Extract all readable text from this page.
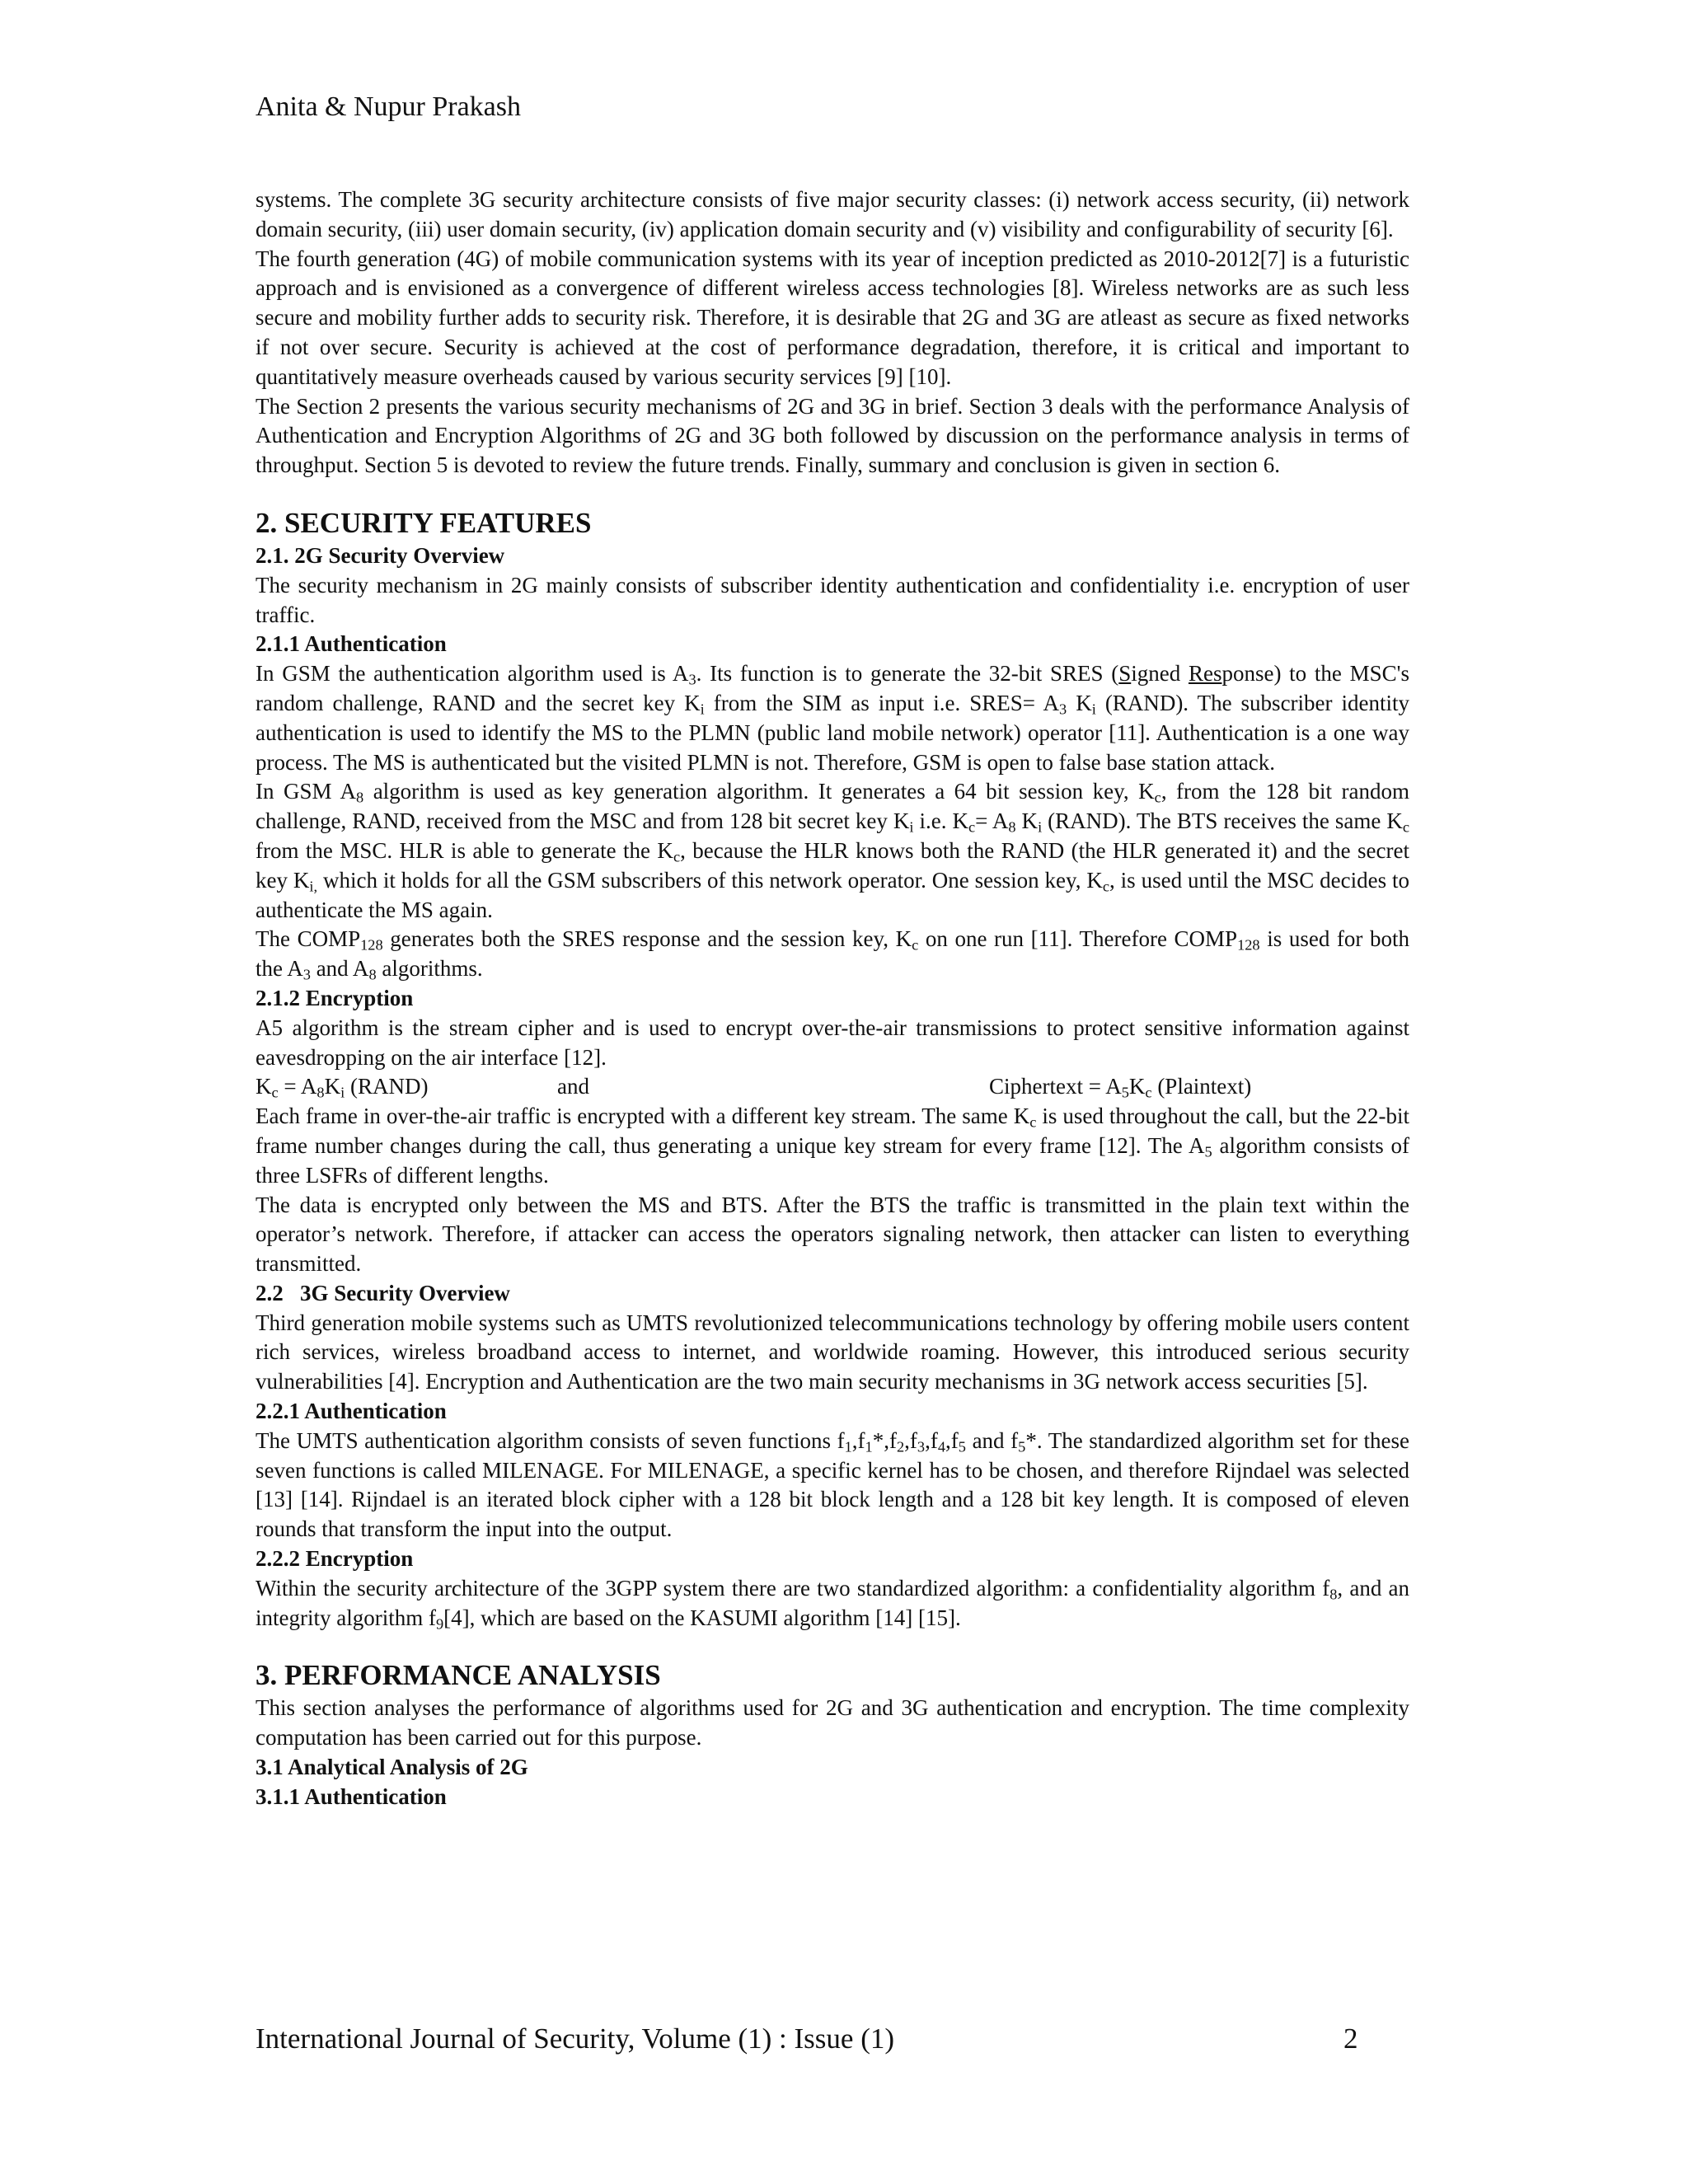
Anita & Nupur Prakash

systems. The complete 3G security architecture consists of five major security classes: (i) network access security, (ii) network domain security, (iii) user domain security, (iv) application domain security and (v) visibility and configurability of security [6].

The fourth generation (4G) of mobile communication systems with its year of inception predicted as 2010-2012[7] is a futuristic approach and is envisioned as a convergence of different wireless access technologies [8]. Wireless networks are as such less secure and mobility further adds to security risk. Therefore, it is desirable that 2G and 3G are atleast as secure as fixed networks if not over secure. Security is achieved at the cost of performance degradation, therefore, it is critical and important to quantitatively measure overheads caused by various security services [9] [10].

The Section 2 presents the various security mechanisms of 2G and 3G in brief. Section 3 deals with the performance Analysis of Authentication and Encryption Algorithms of 2G and 3G both followed by discussion on the performance analysis in terms of throughput. Section 5 is devoted to review the future trends. Finally, summary and conclusion is given in section 6.

2. SECURITY FEATURES
2.1. 2G Security Overview

The security mechanism in 2G mainly consists of subscriber identity authentication and confidentiality i.e. encryption of user traffic.

2.1.1 Authentication

In GSM the authentication algorithm used is $A_3$. Its function is to generate the 32-bit SRES (Signed Response) to the MSC's random challenge, RAND and the secret key $K_i$ from the SIM as input i.e. SRES= $A_3$ $K_i$ (RAND). The subscriber identity authentication is used to identify the MS to the PLMN (public land mobile network) operator [11]. Authentication is a one way process. The MS is authenticated but the visited PLMN is not. Therefore, GSM is open to false base station attack.

In GSM $A_8$ algorithm is used as key generation algorithm. It generates a 64 bit session key, $K_c$, from the 128 bit random challenge, RAND, received from the MSC and from 128 bit secret key $K_i$ i.e. $K_c= A_8$ $K_i$ (RAND). The BTS receives the same $K_c$ from the MSC. HLR is able to generate the $K_c$, because the HLR knows both the RAND (the HLR generated it) and the secret key $K_{i,}$ which it holds for all the GSM subscribers of this network operator. One session key, $K_c$, is used until the MSC decides to authenticate the MS again.

The $COMP_{128}$ generates both the SRES response and the session key, $K_c$ on one run [11]. Therefore $COMP_{128}$ is used for both the $A_3$ and $A_8$ algorithms.

2.1.2 Encryption

A5 algorithm is the stream cipher and is used to encrypt over-the-air transmissions to protect sensitive information against eavesdropping on the air interface [12].

$K_c = A_8K_i$ (RAND)	and	Ciphertext = $A_5K_c$ (Plaintext)

Each frame in over-the-air traffic is encrypted with a different key stream. The same $K_c$ is used throughout the call, but the 22-bit frame number changes during the call, thus generating a unique key stream for every frame [12]. The $A_5$ algorithm consists of three LSFRs of different lengths.

The data is encrypted only between the MS and BTS. After the BTS the traffic is transmitted in the plain text within the operator’s network. Therefore, if attacker can access the operators signaling network, then attacker can listen to everything transmitted.

2.2   3G Security Overview

Third generation mobile systems such as UMTS revolutionized telecommunications technology by offering mobile users content rich services, wireless broadband access to internet, and worldwide roaming. However, this introduced serious security vulnerabilities [4]. Encryption and Authentication are the two main security mechanisms in 3G network access securities [5].

2.2.1 Authentication

The UMTS authentication algorithm consists of seven functions $f_1,f_1*,f_2,f_3,f_4,f_5$ and $f_5*$. The standardized algorithm set for these seven functions is called MILENAGE. For MILENAGE, a specific kernel has to be chosen, and therefore Rijndael was selected [13] [14]. Rijndael is an iterated block cipher with a 128 bit block length and a 128 bit key length. It is composed of eleven rounds that transform the input into the output.

2.2.2 Encryption

Within the security architecture of the 3GPP system there are two standardized algorithm: a confidentiality algorithm $f_8$, and an integrity algorithm $f_9[4]$, which are based on the KASUMI algorithm [14] [15].

3. PERFORMANCE ANALYSIS

This section analyses the performance of algorithms used for 2G and 3G authentication and encryption. The time complexity computation has been carried out for this purpose.

3.1 Analytical Analysis of 2G
3.1.1 Authentication
International Journal of Security, Volume (1) : Issue (1)	2
